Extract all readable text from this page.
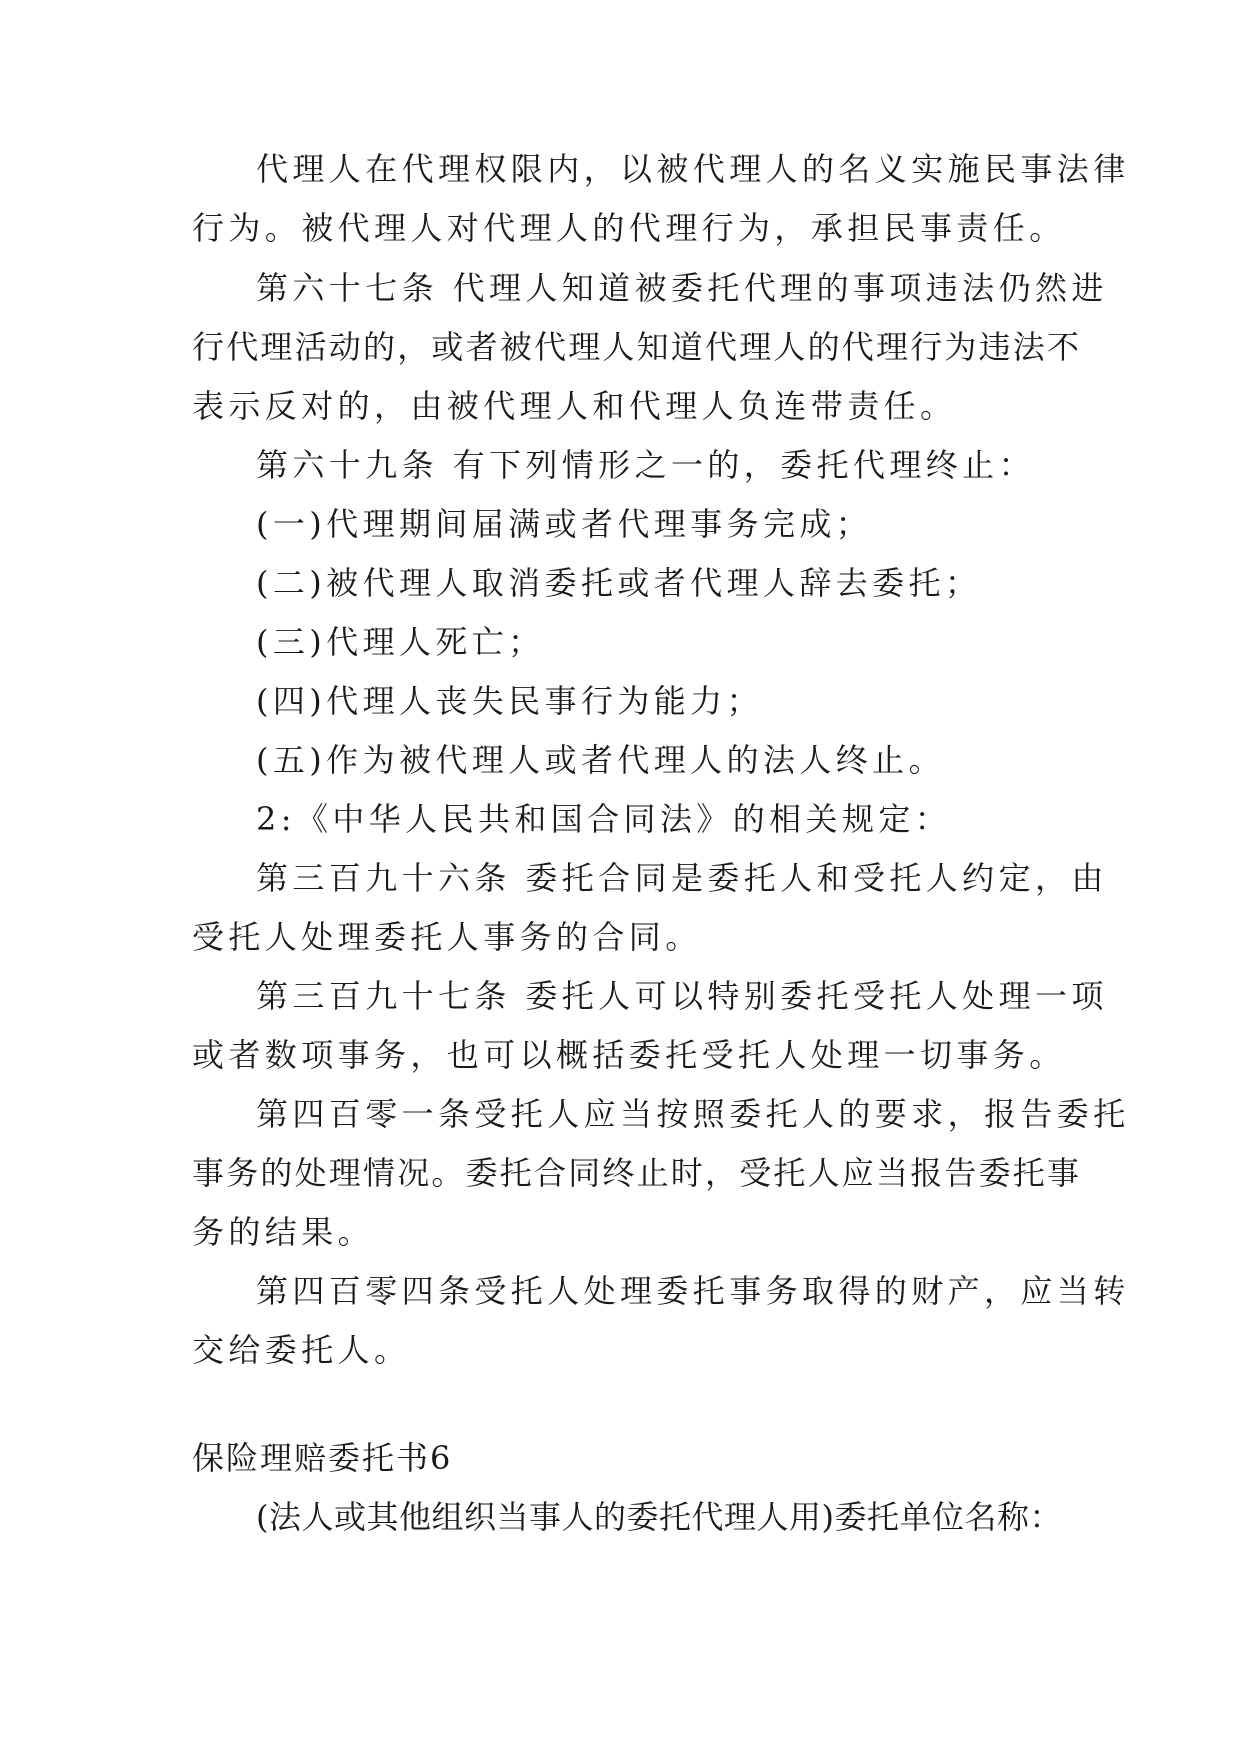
代理人在代理权限内，以被代理人的名义实施民事法律
行为。被代理人对代理人的代理行为，承担民事责任。
第六十七条 代理人知道被委托代理的事项违法仍然进
行代理活动的，或者被代理人知道代理人的代理行为违法不
表示反对的，由被代理人和代理人负连带责任。
第六十九条 有下列情形之一的，委托代理终止：
(一)代理期间届满或者代理事务完成；
(二)被代理人取消委托或者代理人辞去委托；
(三)代理人死亡；
(四)代理人丧失民事行为能力；
(五)作为被代理人或者代理人的法人终止。
2:《中华人民共和国合同法》的相关规定：
第三百九十六条 委托合同是委托人和受托人约定，由
受托人处理委托人事务的合同。
第三百九十七条 委托人可以特别委托受托人处理一项
或者数项事务，也可以概括委托受托人处理一切事务。
第四百零一条受托人应当按照委托人的要求，报告委托
事务的处理情况。委托合同终止时，受托人应当报告委托事
务的结果。
第四百零四条受托人处理委托事务取得的财产，应当转
交给委托人。
保险理赔委托书6
(法人或其他组织当事人的委托代理人用)委托单位名称：
